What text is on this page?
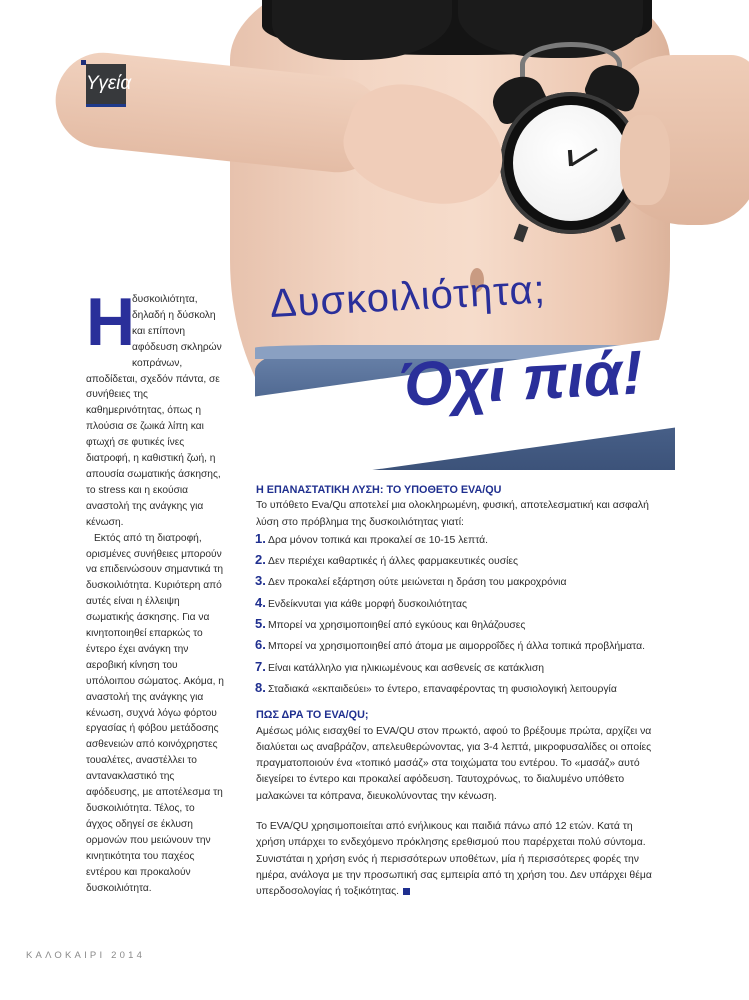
Υγεία
Δυσκοιλιότητα;
Όχι πιά!
Η
δυσκοιλιότητα, δηλαδή η δύσκολη και επίπονη αφόδευση σκληρών κοπράνων, αποδίδεται, σχεδόν πάντα, σε συνήθειες της καθημερινότητας, όπως η πλούσια σε ζωικά λίπη και φτωχή σε φυτικές ίνες διατροφή, η καθιστική ζωή, η απουσία σωματικής άσκησης, το stress και η εκούσια αναστολή της ανάγκης για κένωση.
Εκτός από τη διατροφή, ορισμένες συνήθειες μπορούν να επιδεινώσουν σημαντικά τη δυσκοιλιότητα. Κυριότερη από αυτές είναι η έλλειψη σωματικής άσκησης. Για να κινητοποιηθεί επαρκώς το έντερο έχει ανάγκη την αεροβική κίνηση του υπόλοιπου σώματος. Ακόμα, η αναστολή της ανάγκης για κένωση, συχνά λόγω φόρτου εργασίας ή φόβου μετάδοσης ασθενειών από κοινόχρηστες τουαλέτες, αναστέλλει το αντανακλαστικό της αφόδευσης, με αποτέλεσμα τη δυσκοιλιότητα. Τέλος, το άγχος οδηγεί σε έκλυση ορμονών που μειώνουν την κινητικότητα του παχέος εντέρου και προκαλούν δυσκοιλιότητα.

Η ΕΠΑΝΑΣΤΑΤΙΚΗ ΛΥΣΗ: ΤΟ ΥΠΟΘΕΤΟ EVA/QU

Το υπόθετο Eva/Qu αποτελεί μια ολοκληρωμένη, φυσική, αποτελεσματική και ασφαλή λύση στο πρόβλημα της δυσκοιλιότητας γιατί:

1. Δρα μόνον τοπικά και προκαλεί σε 10-15 λεπτά.
2. Δεν περιέχει καθαρτικές ή άλλες φαρμακευτικές ουσίες
3. Δεν προκαλεί εξάρτηση ούτε μειώνεται η δράση του μακροχρόνια
4. Ενδείκνυται για κάθε μορφή δυσκοιλιότητας
5. Μπορεί να χρησιμοποιηθεί από εγκύους και θηλάζουσες
6. Μπορεί να χρησιμοποιηθεί από άτομα με αιμορροΐδες ή άλλα τοπικά προβλήματα.
7. Είναι κατάλληλο για ηλικιωμένους και ασθενείς σε κατάκλιση
8. Σταδιακά «εκπαιδεύει» το έντερο, επαναφέροντας τη φυσιολογική λειτουργία

ΠΩΣ ΔΡΑ ΤΟ EVA/QU;

Αμέσως μόλις εισαχθεί το EVA/QU στον πρωκτό, αφού το βρέξουμε πρώτα, αρχίζει να διαλύεται ως αναβράζον, απελευθερώνοντας, για 3-4 λεπτά, μικροφυσαλίδες οι οποίες πραγματοποιούν ένα «τοπικό μασάζ» στα τοιχώματα του εντέρου. Το «μασάζ» αυτό διεγείρει το έντερο και προκαλεί αφόδευση. Ταυτοχρόνως, το διαλυμένο υπόθετο μαλακώνει τα κόπρανα, διευκολύνοντας την κένωση.

Το EVA/QU χρησιμοποιείται από ενήλικους και παιδιά πάνω από 12 ετών. Κατά τη χρήση υπάρχει το ενδεχόμενο πρόκλησης ερεθισμού που παρέρχεται πολύ σύντομα. Συνιστάται η χρήση ενός ή περισσότερων υποθέτων, μία ή περισσότερες φορές την ημέρα, ανάλογα με την προσωπική σας εμπειρία από τη χρήση του. Δεν υπάρχει θέμα υπερδοσολογίας ή τοξικότητας.

ΚΑΛΟΚΑΙΡΙ 2014
